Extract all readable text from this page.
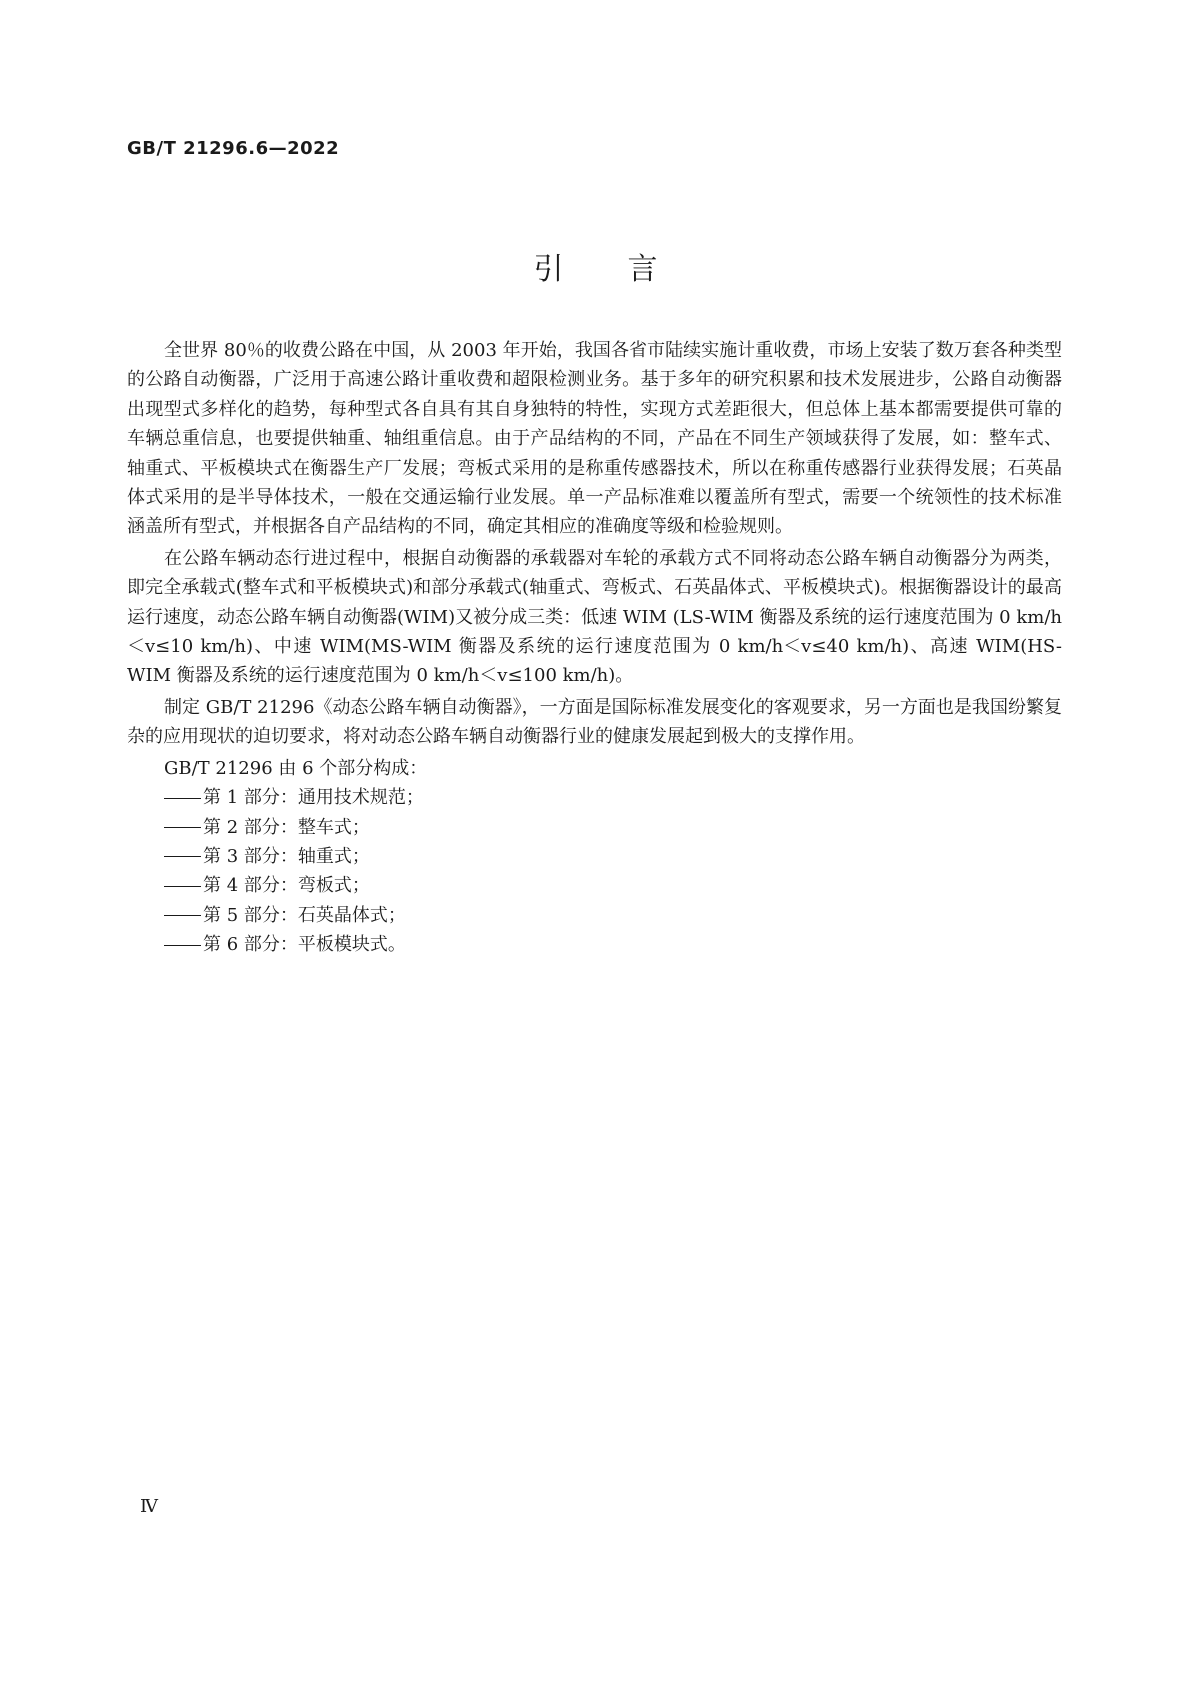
GB/T 21296.6—2022
引言

全世界 80％的收费公路在中国，从 2003 年开始，我国各省市陆续实施计重收费，市场上安装了数万套各种类型的公路自动衡器，广泛用于高速公路计重收费和超限检测业务。基于多年的研究积累和技术发展进步，公路自动衡器出现型式多样化的趋势，每种型式各自具有其自身独特的特性，实现方式差距很大，但总体上基本都需要提供可靠的车辆总重信息，也要提供轴重、轴组重信息。由于产品结构的不同，产品在不同生产领域获得了发展，如：整车式、轴重式、平板模块式在衡器生产厂发展；弯板式采用的是称重传感器技术，所以在称重传感器行业获得发展；石英晶体式采用的是半导体技术，一般在交通运输行业发展。单一产品标准难以覆盖所有型式，需要一个统领性的技术标准涵盖所有型式，并根据各自产品结构的不同，确定其相应的准确度等级和检验规则。

在公路车辆动态行进过程中，根据自动衡器的承载器对车轮的承载方式不同将动态公路车辆自动衡器分为两类，即完全承载式(整车式和平板模块式)和部分承载式(轴重式、弯板式、石英晶体式、平板模块式)。根据衡器设计的最高运行速度，动态公路车辆自动衡器(WIM)又被分成三类：低速 WIM (LS-WIM 衡器及系统的运行速度范围为 0 km/h＜v≤10 km/h)、中速 WIM(MS-WIM 衡器及系统的运行速度范围为 0 km/h＜v≤40 km/h)、高速 WIM(HS-WIM 衡器及系统的运行速度范围为 0 km/h＜v≤100 km/h)。

制定 GB/T 21296《动态公路车辆自动衡器》，一方面是国际标准发展变化的客观要求，另一方面也是我国纷繁复杂的应用现状的迫切要求，将对动态公路车辆自动衡器行业的健康发展起到极大的支撑作用。

GB/T 21296 由 6 个部分构成：

第 1 部分：通用技术规范；
第 2 部分：整车式；
第 3 部分：轴重式；
第 4 部分：弯板式；
第 5 部分：石英晶体式；
第 6 部分：平板模块式。
Ⅳ
